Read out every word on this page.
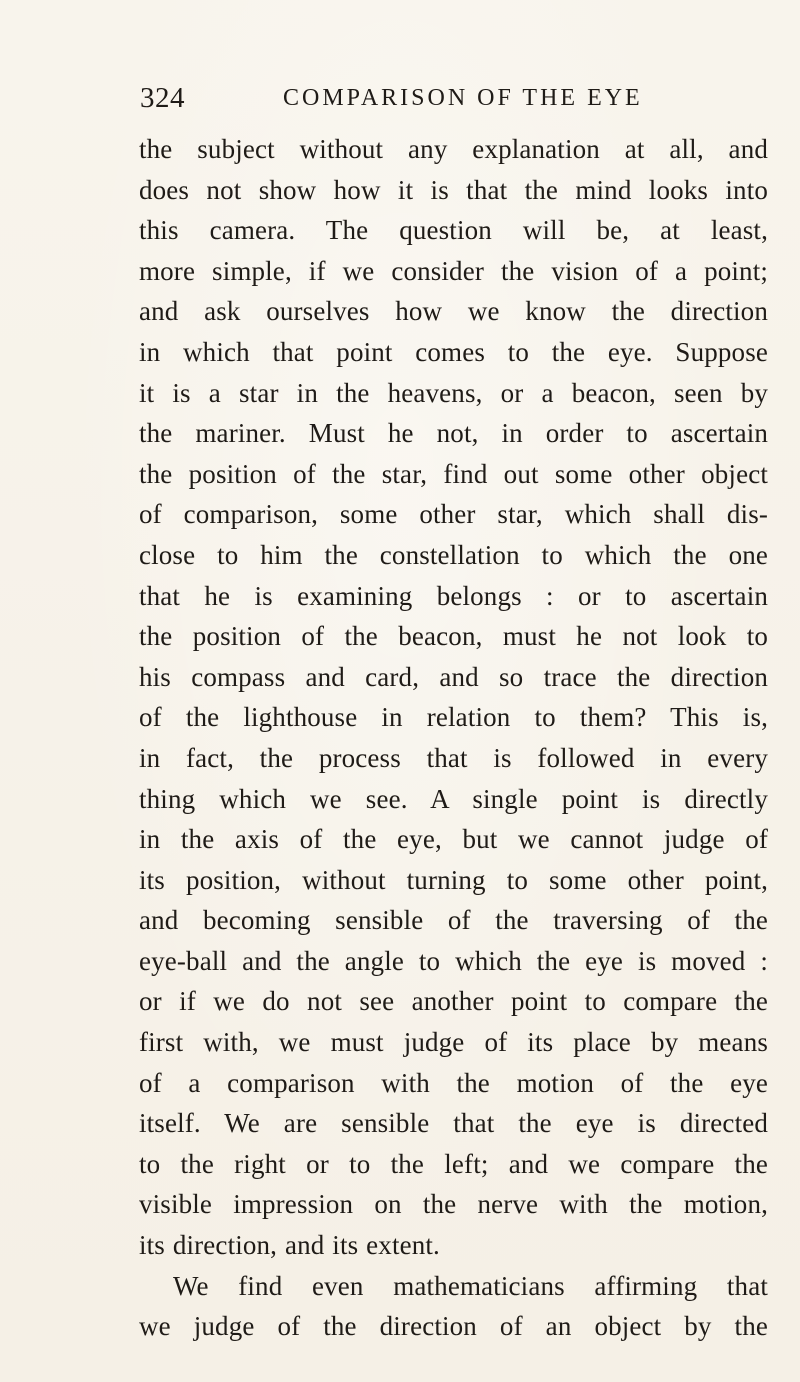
324	COMPARISON OF THE EYE
the subject without any explanation at all, and
does not show how it is that the mind looks into
this camera. The question will be, at least,
more simple, if we consider the vision of a point;
and ask ourselves how we know the direction
in which that point comes to the eye. Suppose
it is a star in the heavens, or a beacon, seen by
the mariner. Must he not, in order to ascertain
the position of the star, find out some other object
of comparison, some other star, which shall dis-
close to him the constellation to which the one
that he is examining belongs : or to ascertain
the position of the beacon, must he not look to
his compass and card, and so trace the direction
of the lighthouse in relation to them? This is,
in fact, the process that is followed in every
thing which we see. A single point is directly
in the axis of the eye, but we cannot judge of
its position, without turning to some other point,
and becoming sensible of the traversing of the
eye-ball and the angle to which the eye is moved :
or if we do not see another point to compare the
first with, we must judge of its place by means
of a comparison with the motion of the eye
itself. We are sensible that the eye is directed
to the right or to the left; and we compare the
visible impression on the nerve with the motion,
its direction, and its extent.
We find even mathematicians affirming that
we judge of the direction of an object by the
